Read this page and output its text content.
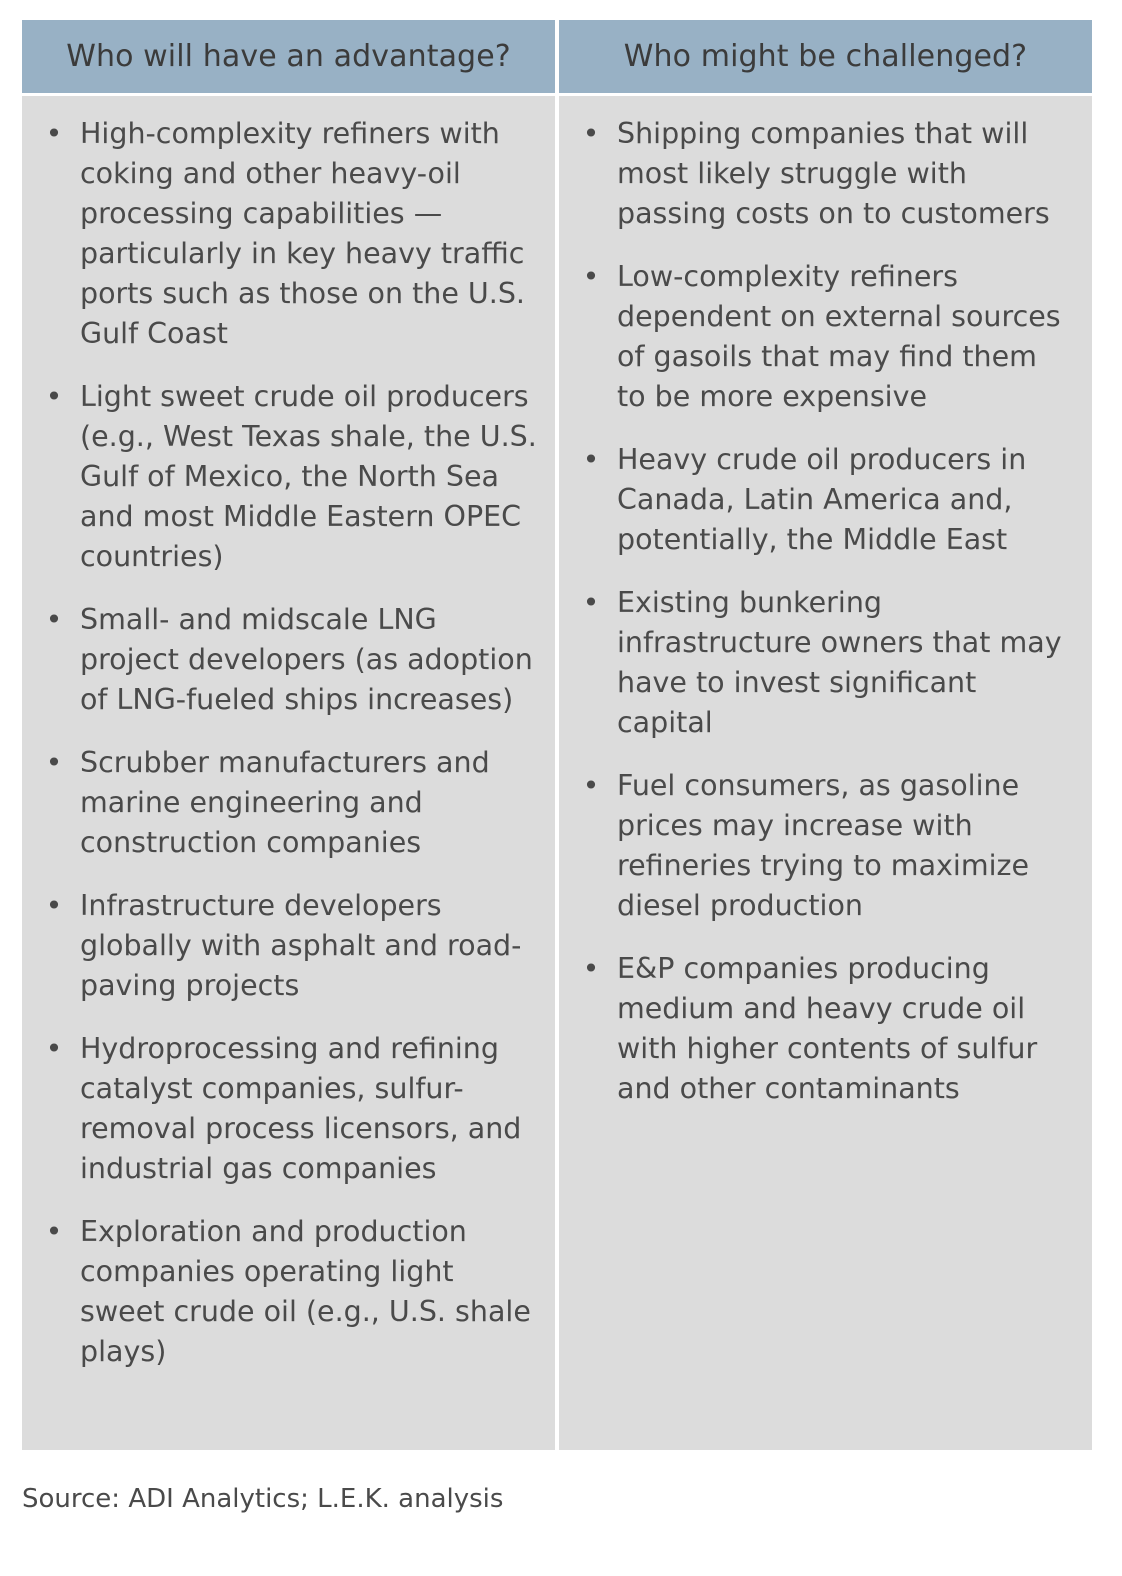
Who will have an advantage?	Who might be challenged?
• High-complexity refiners with coking and other heavy-oil processing capabilities — particularly in key heavy traffic ports such as those on the U.S. Gulf Coast
• Light sweet crude oil producers (e.g., West Texas shale, the U.S. Gulf of Mexico, the North Sea and most Middle Eastern OPEC countries)
• Small- and midscale LNG project developers (as adoption of LNG-fueled ships increases)
• Scrubber manufacturers and marine engineering and construction companies
• Infrastructure developers globally with asphalt and road-paving projects
• Hydroprocessing and refining catalyst companies, sulfur-removal process licensors, and industrial gas companies
• Exploration and production companies operating light sweet crude oil (e.g., U.S. shale plays)
• Shipping companies that will most likely struggle with passing costs on to customers
• Low-complexity refiners dependent on external sources of gasoils that may find them to be more expensive
• Heavy crude oil producers in Canada, Latin America and, potentially, the Middle East
• Existing bunkering infrastructure owners that may have to invest significant capital
• Fuel consumers, as gasoline prices may increase with refineries trying to maximize diesel production
• E&P companies producing medium and heavy crude oil with higher contents of sulfur and other contaminants
Source: ADI Analytics; L.E.K. analysis
